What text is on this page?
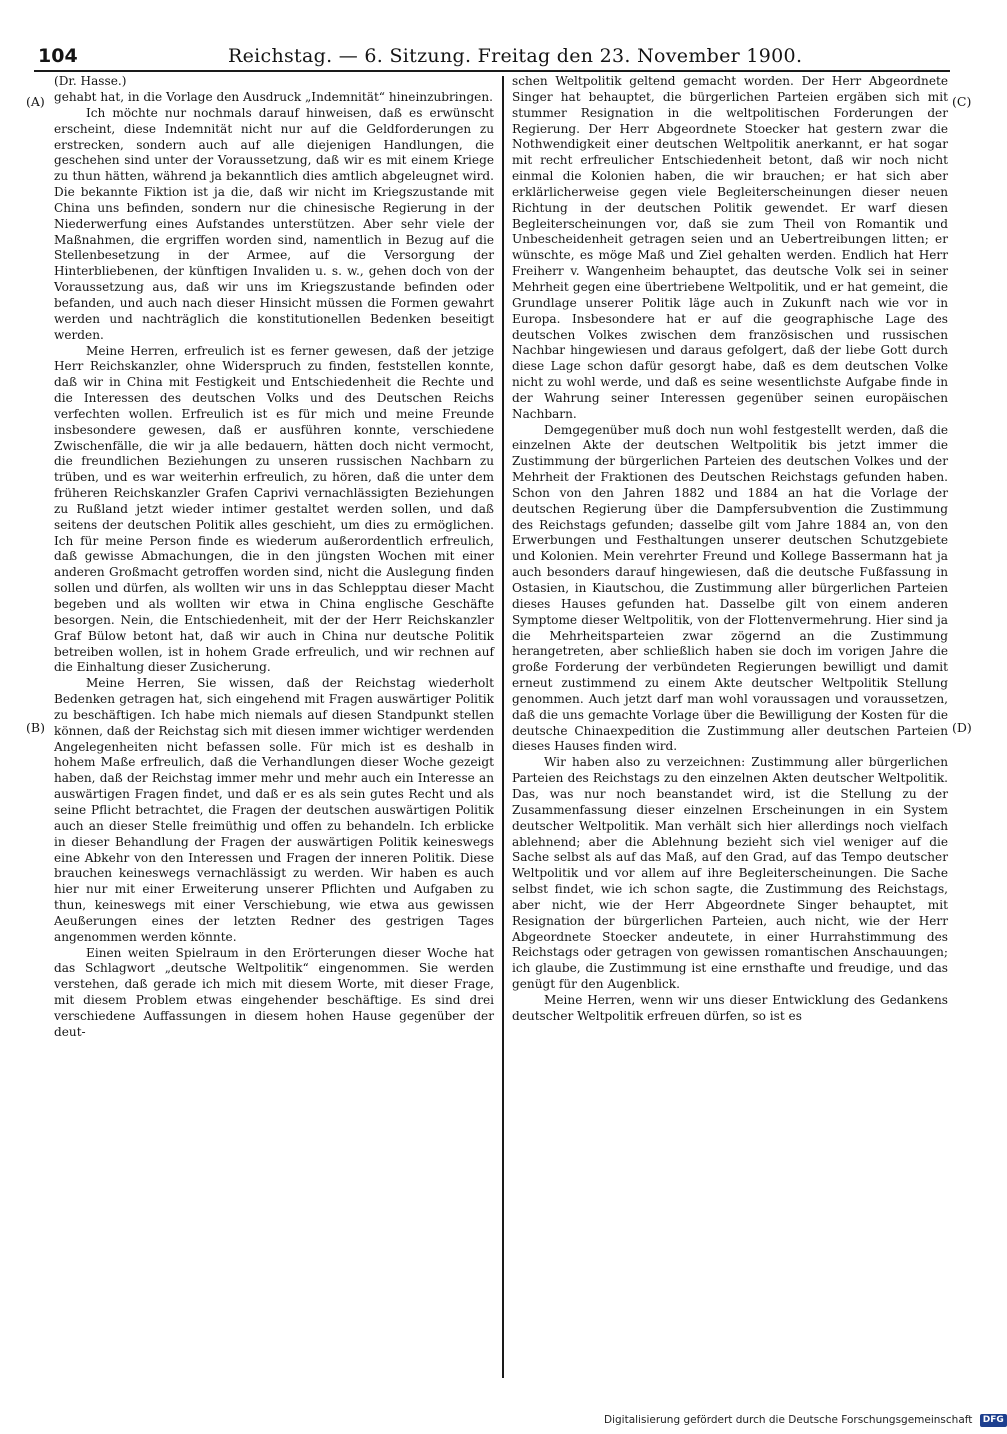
104	Reichstag. — 6. Sitzung. Freitag den 23. November 1900.
(A)
(B)
(C)
(D)

(Dr. Hasse.)

gehabt hat, in die Vorlage den Ausdruck „Indemnität“ hineinzubringen.

Ich möchte nur nochmals darauf hinweisen, daß es erwünscht erscheint, diese Indemnität nicht nur auf die Geldforderungen zu erstrecken, sondern auch auf alle diejenigen Handlungen, die geschehen sind unter der Voraussetzung, daß wir es mit einem Kriege zu thun hätten, während ja bekanntlich dies amtlich abgeleugnet wird. Die bekannte Fiktion ist ja die, daß wir nicht im Kriegszustande mit China uns befinden, sondern nur die chinesische Regierung in der Niederwerfung eines Aufstandes unterstützen. Aber sehr viele der Maßnahmen, die ergriffen worden sind, namentlich in Bezug auf die Stellenbesetzung in der Armee, auf die Versorgung der Hinterbliebenen, der künftigen Invaliden u. s. w., gehen doch von der Voraussetzung aus, daß wir uns im Kriegszustande befinden oder befanden, und auch nach dieser Hinsicht müssen die Formen gewahrt werden und nachträglich die konstitutionellen Bedenken beseitigt werden.

Meine Herren, erfreulich ist es ferner gewesen, daß der jetzige Herr Reichskanzler, ohne Widerspruch zu finden, feststellen konnte, daß wir in China mit Festigkeit und Entschiedenheit die Rechte und die Interessen des deutschen Volks und des Deutschen Reichs verfechten wollen. Erfreulich ist es für mich und meine Freunde insbesondere gewesen, daß er ausführen konnte, verschiedene Zwischenfälle, die wir ja alle bedauern, hätten doch nicht vermocht, die freundlichen Beziehungen zu unseren russischen Nachbarn zu trüben, und es war weiterhin erfreulich, zu hören, daß die unter dem früheren Reichskanzler Grafen Caprivi vernachlässigten Beziehungen zu Rußland jetzt wieder intimer gestaltet werden sollen, und daß seitens der deutschen Politik alles geschieht, um dies zu ermöglichen. Ich für meine Person finde es wiederum außerordentlich erfreulich, daß gewisse Abmachungen, die in den jüngsten Wochen mit einer anderen Großmacht getroffen worden sind, nicht die Auslegung finden sollen und dürfen, als wollten wir uns in das Schlepptau dieser Macht begeben und als wollten wir etwa in China englische Geschäfte besorgen. Nein, die Entschiedenheit, mit der der Herr Reichskanzler Graf Bülow betont hat, daß wir auch in China nur deutsche Politik betreiben wollen, ist in hohem Grade erfreulich, und wir rechnen auf die Einhaltung dieser Zusicherung.

Meine Herren, Sie wissen, daß der Reichstag wiederholt Bedenken getragen hat, sich eingehend mit Fragen auswärtiger Politik zu beschäftigen. Ich habe mich niemals auf diesen Standpunkt stellen können, daß der Reichstag sich mit diesen immer wichtiger werdenden Angelegenheiten nicht befassen solle. Für mich ist es deshalb in hohem Maße erfreulich, daß die Verhandlungen dieser Woche gezeigt haben, daß der Reichstag immer mehr und mehr auch ein Interesse an auswärtigen Fragen findet, und daß er es als sein gutes Recht und als seine Pflicht betrachtet, die Fragen der deutschen auswärtigen Politik auch an dieser Stelle freimüthig und offen zu behandeln. Ich erblicke in dieser Behandlung der Fragen der auswärtigen Politik keineswegs eine Abkehr von den Interessen und Fragen der inneren Politik. Diese brauchen keineswegs vernachlässigt zu werden. Wir haben es auch hier nur mit einer Erweiterung unserer Pflichten und Aufgaben zu thun, keineswegs mit einer Verschiebung, wie etwa aus gewissen Aeußerungen eines der letzten Redner des gestrigen Tages angenommen werden könnte.

Einen weiten Spielraum in den Erörterungen dieser Woche hat das Schlagwort „deutsche Weltpolitik“ eingenommen. Sie werden verstehen, daß gerade ich mich mit diesem Worte, mit dieser Frage, mit diesem Problem etwas eingehender beschäftige. Es sind drei verschiedene Auffassungen in diesem hohen Hause gegenüber der deut-

schen Weltpolitik geltend gemacht worden. Der Herr Abgeordnete Singer hat behauptet, die bürgerlichen Parteien ergäben sich mit stummer Resignation in die weltpolitischen Forderungen der Regierung. Der Herr Abgeordnete Stoecker hat gestern zwar die Nothwendigkeit einer deutschen Weltpolitik anerkannt, er hat sogar mit recht erfreulicher Entschiedenheit betont, daß wir noch nicht einmal die Kolonien haben, die wir brauchen; er hat sich aber erklärlicherweise gegen viele Begleiterscheinungen dieser neuen Richtung in der deutschen Politik gewendet. Er warf diesen Begleiterscheinungen vor, daß sie zum Theil von Romantik und Unbescheidenheit getragen seien und an Uebertreibungen litten; er wünschte, es möge Maß und Ziel gehalten werden. Endlich hat Herr Freiherr v. Wangenheim behauptet, das deutsche Volk sei in seiner Mehrheit gegen eine übertriebene Weltpolitik, und er hat gemeint, die Grundlage unserer Politik läge auch in Zukunft nach wie vor in Europa. Insbesondere hat er auf die geographische Lage des deutschen Volkes zwischen dem französischen und russischen Nachbar hingewiesen und daraus gefolgert, daß der liebe Gott durch diese Lage schon dafür gesorgt habe, daß es dem deutschen Volke nicht zu wohl werde, und daß es seine wesentlichste Aufgabe finde in der Wahrung seiner Interessen gegenüber seinen europäischen Nachbarn.

Demgegenüber muß doch nun wohl festgestellt werden, daß die einzelnen Akte der deutschen Weltpolitik bis jetzt immer die Zustimmung der bürgerlichen Parteien des deutschen Volkes und der Mehrheit der Fraktionen des Deutschen Reichstags gefunden haben. Schon von den Jahren 1882 und 1884 an hat die Vorlage der deutschen Regierung über die Dampfersubvention die Zustimmung des Reichstags gefunden; dasselbe gilt vom Jahre 1884 an, von den Erwerbungen und Festhaltungen unserer deutschen Schutzgebiete und Kolonien. Mein verehrter Freund und Kollege Bassermann hat ja auch besonders darauf hingewiesen, daß die deutsche Fußfassung in Ostasien, in Kiautschou, die Zustimmung aller bürgerlichen Parteien dieses Hauses gefunden hat. Dasselbe gilt von einem anderen Symptome dieser Weltpolitik, von der Flottenvermehrung. Hier sind ja die Mehrheitsparteien zwar zögernd an die Zustimmung herangetreten, aber schließlich haben sie doch im vorigen Jahre die große Forderung der verbündeten Regierungen bewilligt und damit erneut zustimmend zu einem Akte deutscher Weltpolitik Stellung genommen. Auch jetzt darf man wohl voraussagen und voraussetzen, daß die uns gemachte Vorlage über die Bewilligung der Kosten für die deutsche Chinaexpedition die Zustimmung aller deutschen Parteien dieses Hauses finden wird.

Wir haben also zu verzeichnen: Zustimmung aller bürgerlichen Parteien des Reichstags zu den einzelnen Akten deutscher Weltpolitik. Das, was nur noch beanstandet wird, ist die Stellung zu der Zusammenfassung dieser einzelnen Erscheinungen in ein System deutscher Weltpolitik. Man verhält sich hier allerdings noch vielfach ablehnend; aber die Ablehnung bezieht sich viel weniger auf die Sache selbst als auf das Maß, auf den Grad, auf das Tempo deutscher Weltpolitik und vor allem auf ihre Begleiterscheinungen. Die Sache selbst findet, wie ich schon sagte, die Zustimmung des Reichstags, aber nicht, wie der Herr Abgeordnete Singer behauptet, mit Resignation der bürgerlichen Parteien, auch nicht, wie der Herr Abgeordnete Stoecker andeutete, in einer Hurrahstimmung des Reichstags oder getragen von gewissen romantischen Anschauungen; ich glaube, die Zustimmung ist eine ernsthafte und freudige, und das genügt für den Augenblick.

Meine Herren, wenn wir uns dieser Entwicklung des Gedankens deutscher Weltpolitik erfreuen dürfen, so ist es

Digitalisierung gefördert durch die Deutsche Forschungsgemeinschaft DFG
